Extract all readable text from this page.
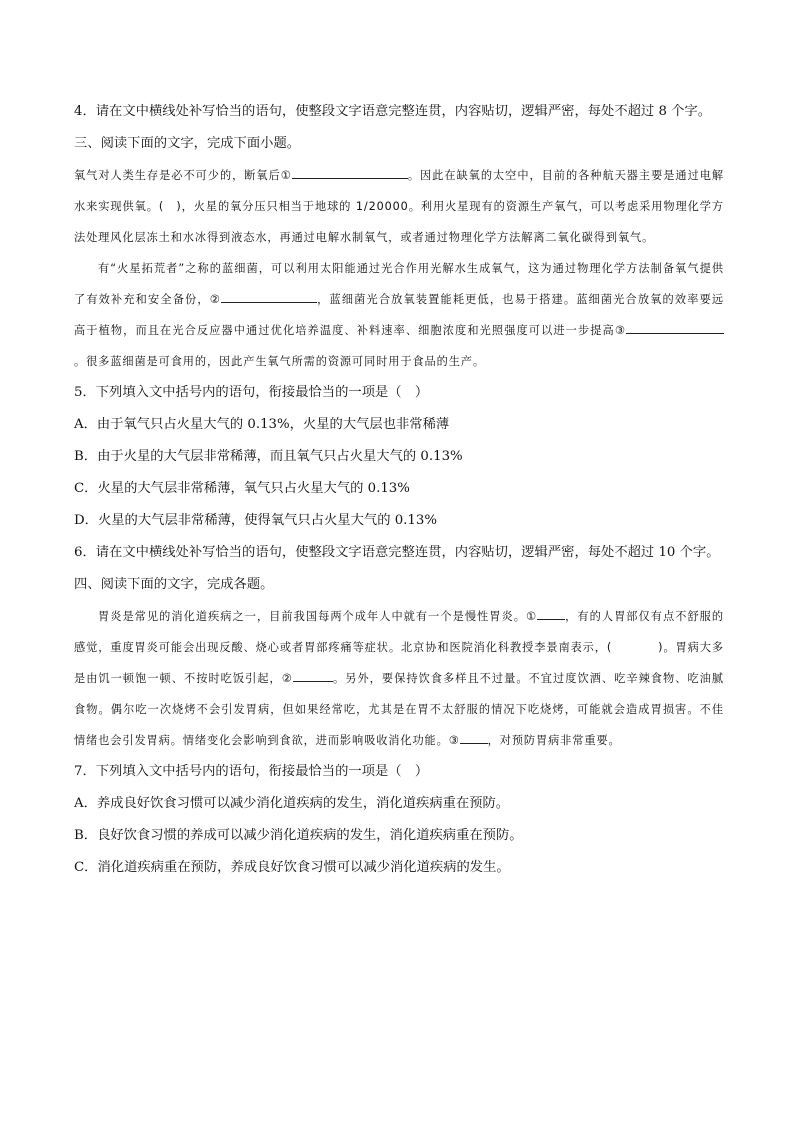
4．请在文中横线处补写恰当的语句，使整段文字语意完整连贯，内容贴切，逻辑严密，每处不超过 8 个字。
三、阅读下面的文字，完成下面小题。

氧气对人类生存是必不可少的，断氧后①	。因此在缺氧的太空中，目前的各种航天器主要是通过电解水来实现供氧。(　)，火星的氧分压只相当于地球的 1/20000。利用火星现有的资源生产氧气，可以考虑采用物理化学方法处理风化层冻土和水冰得到液态水，再通过电解水制氧气，或者通过物理化学方法解离二氧化碳得到氧气。

有“火星拓荒者”之称的蓝细菌，可以利用太阳能通过光合作用光解水生成氧气，这为通过物理化学方法制备氧气提供了有效补充和安全备份，②	，蓝细菌光合放氧装置能耗更低，也易于搭建。蓝细菌光合放氧的效率要远高于植物，而且在光合反应器中通过优化培养温度、补料速率、细胞浓度和光照强度可以进一步提高③。很多蓝细菌是可食用的，因此产生氧气所需的资源可同时用于食品的生产。

5．下列填入文中括号内的语句，衔接最恰当的一项是（　）
A．由于氧气只占火星大气的 0.13%，火星的大气层也非常稀薄
B．由于火星的大气层非常稀薄，而且氧气只占火星大气的 0.13%
C．火星的大气层非常稀薄，氧气只占火星大气的 0.13%
D．火星的大气层非常稀薄，使得氧气只占火星大气的 0.13%
6．请在文中横线处补写恰当的语句，使整段文字语意完整连贯，内容贴切，逻辑严密，每处不超过 10 个字。
四、阅读下面的文字，完成各题。

胃炎是常见的消化道疾病之一，目前我国每两个成年人中就有一个是慢性胃炎。①	，有的人胃部仅有点不舒服的感觉，重度胃炎可能会出现反酸、烧心或者胃部疼痛等症状。北京协和医院消化科教授李景南表示，(	)。胃病大多是由饥一顿饱一顿、不按时吃饭引起，②	。另外，要保持饮食多样且不过量。不宜过度饮酒、吃辛辣食物、吃油腻食物。偶尔吃一次烧烤不会引发胃病，但如果经常吃，尤其是在胃不太舒服的情况下吃烧烤，可能就会造成胃损害。不佳情绪也会引发胃病。情绪变化会影响到食欲，进而影响吸收消化功能。③	，对预防胃病非常重要。

7．下列填入文中括号内的语句，衔接最恰当的一项是（　）
A．养成良好饮食习惯可以减少消化道疾病的发生，消化道疾病重在预防。
B．良好饮食习惯的养成可以减少消化道疾病的发生，消化道疾病重在预防。
C．消化道疾病重在预防，养成良好饮食习惯可以减少消化道疾病的发生。
